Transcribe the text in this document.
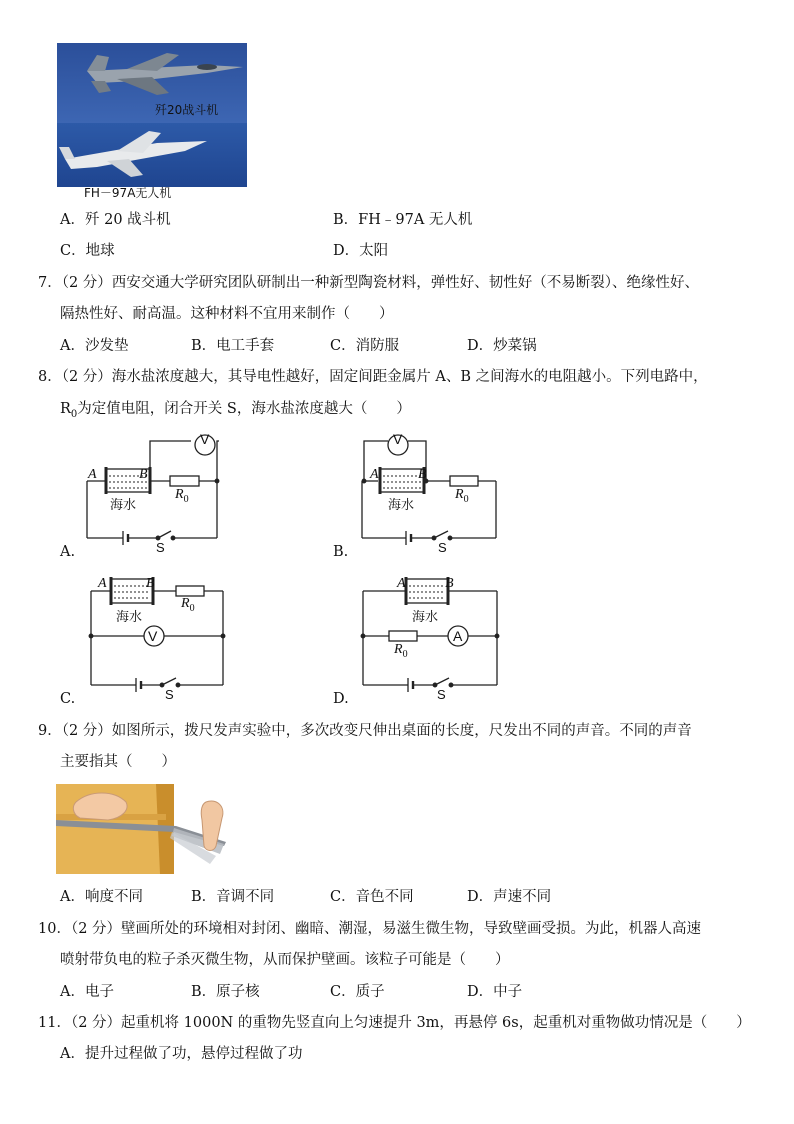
歼20战斗机
FH－97A无人机
A．歼 20 战斗机	B．FH﹣97A 无人机
C．地球	D．太阳
7．（2 分）西安交通大学研究团队研制出一种新型陶瓷材料，弹性好、韧性好（不易断裂）、绝缘性好、
隔热性好、耐高温。这种材料不宜用来制作（　　）
A．沙发垫	B．电工手套	C．消防服	D．炒菜锅
8．（2 分）海水盐浓度越大，其导电性越好，固定间距金属片 A、B 之间海水的电阻越小。下列电路中，
$R_0$为定值电阻，闭合开关 S，海水盐浓度越大（　　）
V
A	B
海水
$R_0$
S
A.
V
A	B
海水
$R_0$
S
B.
V
A	B
海水
$R_0$
S
C.
A
A	B
海水
$R_0$
S
D.
9．（2 分）如图所示，拨尺发声实验中，多次改变尺伸出桌面的长度，尺发出不同的声音。不同的声音
主要指其（　　）
A．响度不同	B．音调不同	C．音色不同	D．声速不同
10．（2 分）壁画所处的环境相对封闭、幽暗、潮湿，易滋生微生物，导致壁画受损。为此，机器人高速
喷射带负电的粒子杀灭微生物，从而保护壁画。该粒子可能是（　　）
A．电子	B．原子核	C．质子	D．中子
11．（2 分）起重机将 1000N 的重物先竖直向上匀速提升 3m，再悬停 6s，起重机对重物做功情况是（　　）
A．提升过程做了功，悬停过程做了功
